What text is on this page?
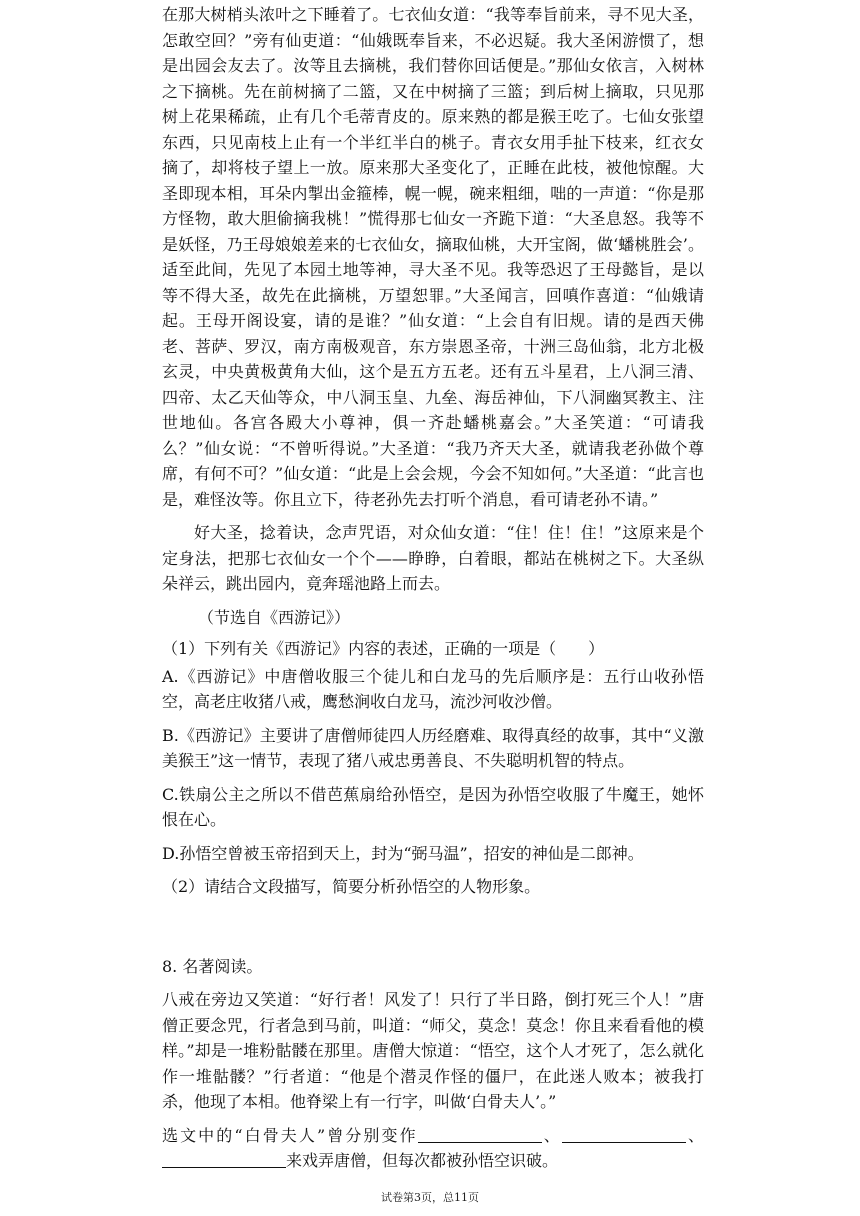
在那大树梢头浓叶之下睡着了。七衣仙女道：“我等奉旨前来，寻不见大圣，怎敢空回？”旁有仙吏道：“仙娥既奉旨来，不必迟疑。我大圣闲游惯了，想是出园会友去了。汝等且去摘桃，我们替你回话便是。”那仙女依言，入树林之下摘桃。先在前树摘了二篮，又在中树摘了三篮；到后树上摘取，只见那树上花果稀疏，止有几个毛蒂青皮的。原来熟的都是猴王吃了。七仙女张望东西，只见南枝上止有一个半红半白的桃子。青衣女用手扯下枝来，红衣女摘了，却将枝子望上一放。原来那大圣变化了，正睡在此枝，被他惊醒。大圣即现本相，耳朵内掣出金箍棒，幌一幌，碗来粗细，咄的一声道：“你是那方怪物，敢大胆偷摘我桃！”慌得那七仙女一齐跪下道：“大圣息怒。我等不是妖怪，乃王母娘娘差来的七衣仙女，摘取仙桃，大开宝阁，做‘蟠桃胜会’。适至此间，先见了本园土地等神，寻大圣不见。我等恐迟了王母懿旨，是以等不得大圣，故先在此摘桃，万望恕罪。”大圣闻言，回嗔作喜道：“仙娥请起。王母开阁设宴，请的是谁？”仙女道：“上会自有旧规。请的是西天佛老、菩萨、罗汉，南方南极观音，东方崇恩圣帝，十洲三岛仙翁，北方北极玄灵，中央黄极黄角大仙，这个是五方五老。还有五斗星君，上八洞三清、四帝、太乙天仙等众，中八洞玉皇、九垒、海岳神仙，下八洞幽冥教主、注世地仙。各宫各殿大小尊神，俱一齐赴蟠桃嘉会。”大圣笑道：“可请我么？”仙女说：“不曾听得说。”大圣道：“我乃齐天大圣，就请我老孙做个尊席，有何不可？”仙女道：“此是上会会规，今会不知如何。”大圣道：“此言也是，难怪汝等。你且立下，待老孙先去打听个消息，看可请老孙不请。”

好大圣，捻着诀，念声咒语，对众仙女道：“住！住！住！”这原来是个定身法，把那七衣仙女一个个——睁睁，白着眼，都站在桃树之下。大圣纵朵祥云，跳出园内，竟奔瑶池路上而去。

（节选自《西游记》）

（1）下列有关《西游记》内容的表述，正确的一项是（　　）

A.《西游记》中唐僧收服三个徒儿和白龙马的先后顺序是：五行山收孙悟空，高老庄收猪八戒，鹰愁涧收白龙马，流沙河收沙僧。

B.《西游记》主要讲了唐僧师徒四人历经磨难、取得真经的故事，其中“义激美猴王”这一情节，表现了猪八戒忠勇善良、不失聪明机智的特点。

C.铁扇公主之所以不借芭蕉扇给孙悟空，是因为孙悟空收服了牛魔王，她怀恨在心。

D.孙悟空曾被玉帝招到天上，封为“弼马温”，招安的神仙是二郎神。

（2）请结合文段描写，简要分析孙悟空的人物形象。

8. 名著阅读。

八戒在旁边又笑道：“好行者！风发了！只行了半日路，倒打死三个人！”唐僧正要念咒，行者急到马前，叫道：“师父，莫念！莫念！你且来看看他的模样。”却是一堆粉骷髅在那里。唐僧大惊道：“悟空，这个人才死了，怎么就化作一堆骷髅？”行者道：“他是个潜灵作怪的僵尸，在此迷人败本；被我打杀，他现了本相。他脊梁上有一行字，叫做‘白骨夫人’。”

选文中的“白骨夫人”曾分别变作	、	、来戏弄唐僧，但每次都被孙悟空识破。

试卷第3页，总11页
